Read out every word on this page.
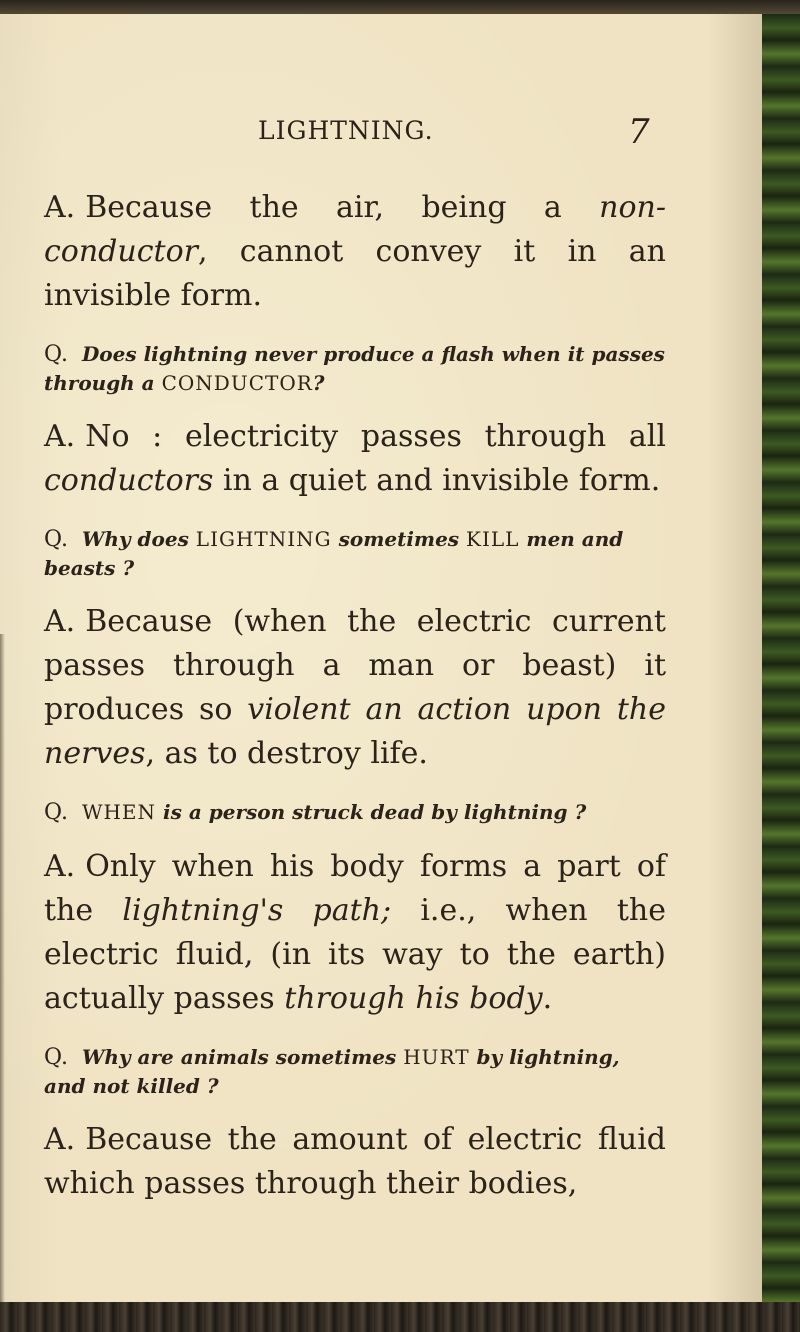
LIGHTNING.	7

A. Because the air, being a non-conductor, cannot convey it in an invisible form.

Q. Does lightning never produce a flash when it passes through a CONDUCTOR?

A. No : electricity passes through all conductors in a quiet and invisible form.

Q. Why does LIGHTNING sometimes KILL men and beasts ?

A. Because (when the electric current passes through a man or beast) it produces so violent an action upon the nerves, as to destroy life.

Q. WHEN is a person struck dead by lightning ?

A. Only when his body forms a part of the lightning's path; i.e., when the electric fluid, (in its way to the earth) actually passes through his body.

Q. Why are animals sometimes HURT by lightning, and not killed ?

A. Because the amount of electric fluid which passes through their bodies,
